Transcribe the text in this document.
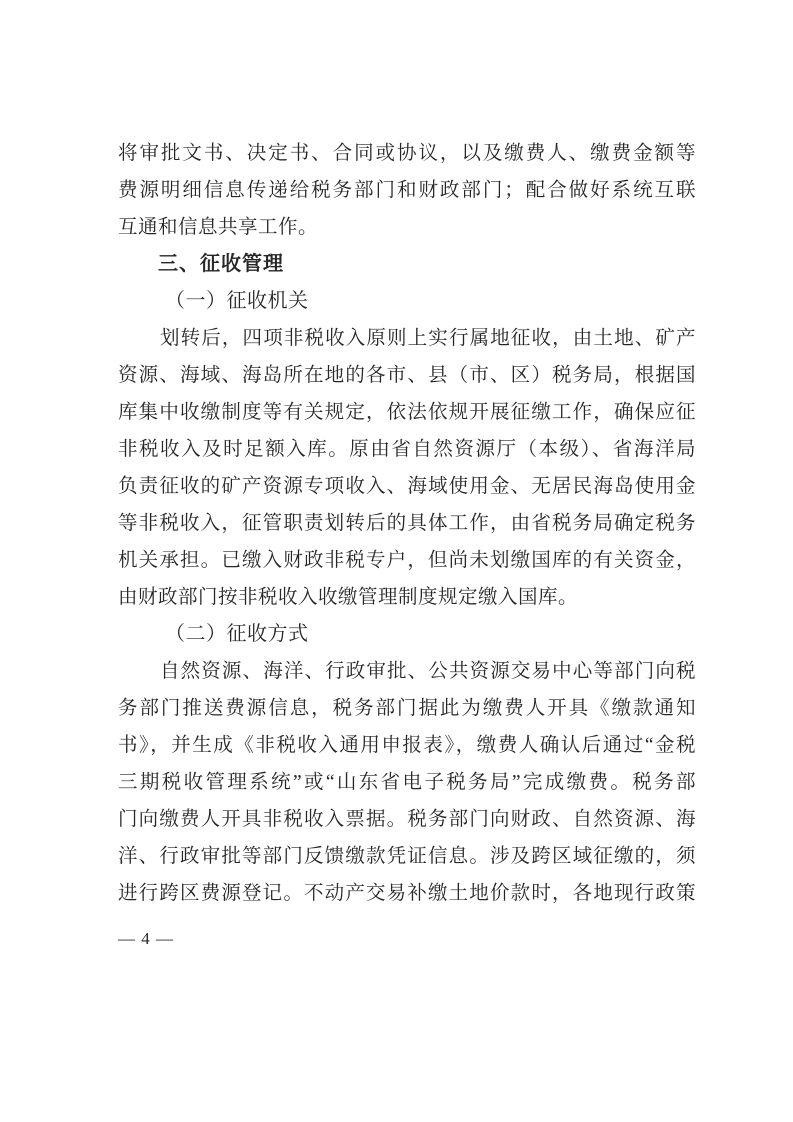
将审批文书、决定书、合同或协议，以及缴费人、缴费金额等
费源明细信息传递给税务部门和财政部门；配合做好系统互联
互通和信息共享工作。
三、征收管理
（一）征收机关
划转后，四项非税收入原则上实行属地征收，由土地、矿产
资源、海域、海岛所在地的各市、县（市、区）税务局，根据国
库集中收缴制度等有关规定，依法依规开展征缴工作，确保应征
非税收入及时足额入库。原由省自然资源厅（本级）、省海洋局
负责征收的矿产资源专项收入、海域使用金、无居民海岛使用金
等非税收入，征管职责划转后的具体工作，由省税务局确定税务
机关承担。已缴入财政非税专户，但尚未划缴国库的有关资金，
由财政部门按非税收入收缴管理制度规定缴入国库。
（二）征收方式
自然资源、海洋、行政审批、公共资源交易中心等部门向税
务部门推送费源信息，税务部门据此为缴费人开具《缴款通知
书》，并生成《非税收入通用申报表》，缴费人确认后通过“金税
三期税收管理系统”或“山东省电子税务局”完成缴费。税务部
门向缴费人开具非税收入票据。税务部门向财政、自然资源、海
洋、行政审批等部门反馈缴款凭证信息。涉及跨区域征缴的，须
进行跨区费源登记。不动产交易补缴土地价款时，各地现行政策
— 4 —
